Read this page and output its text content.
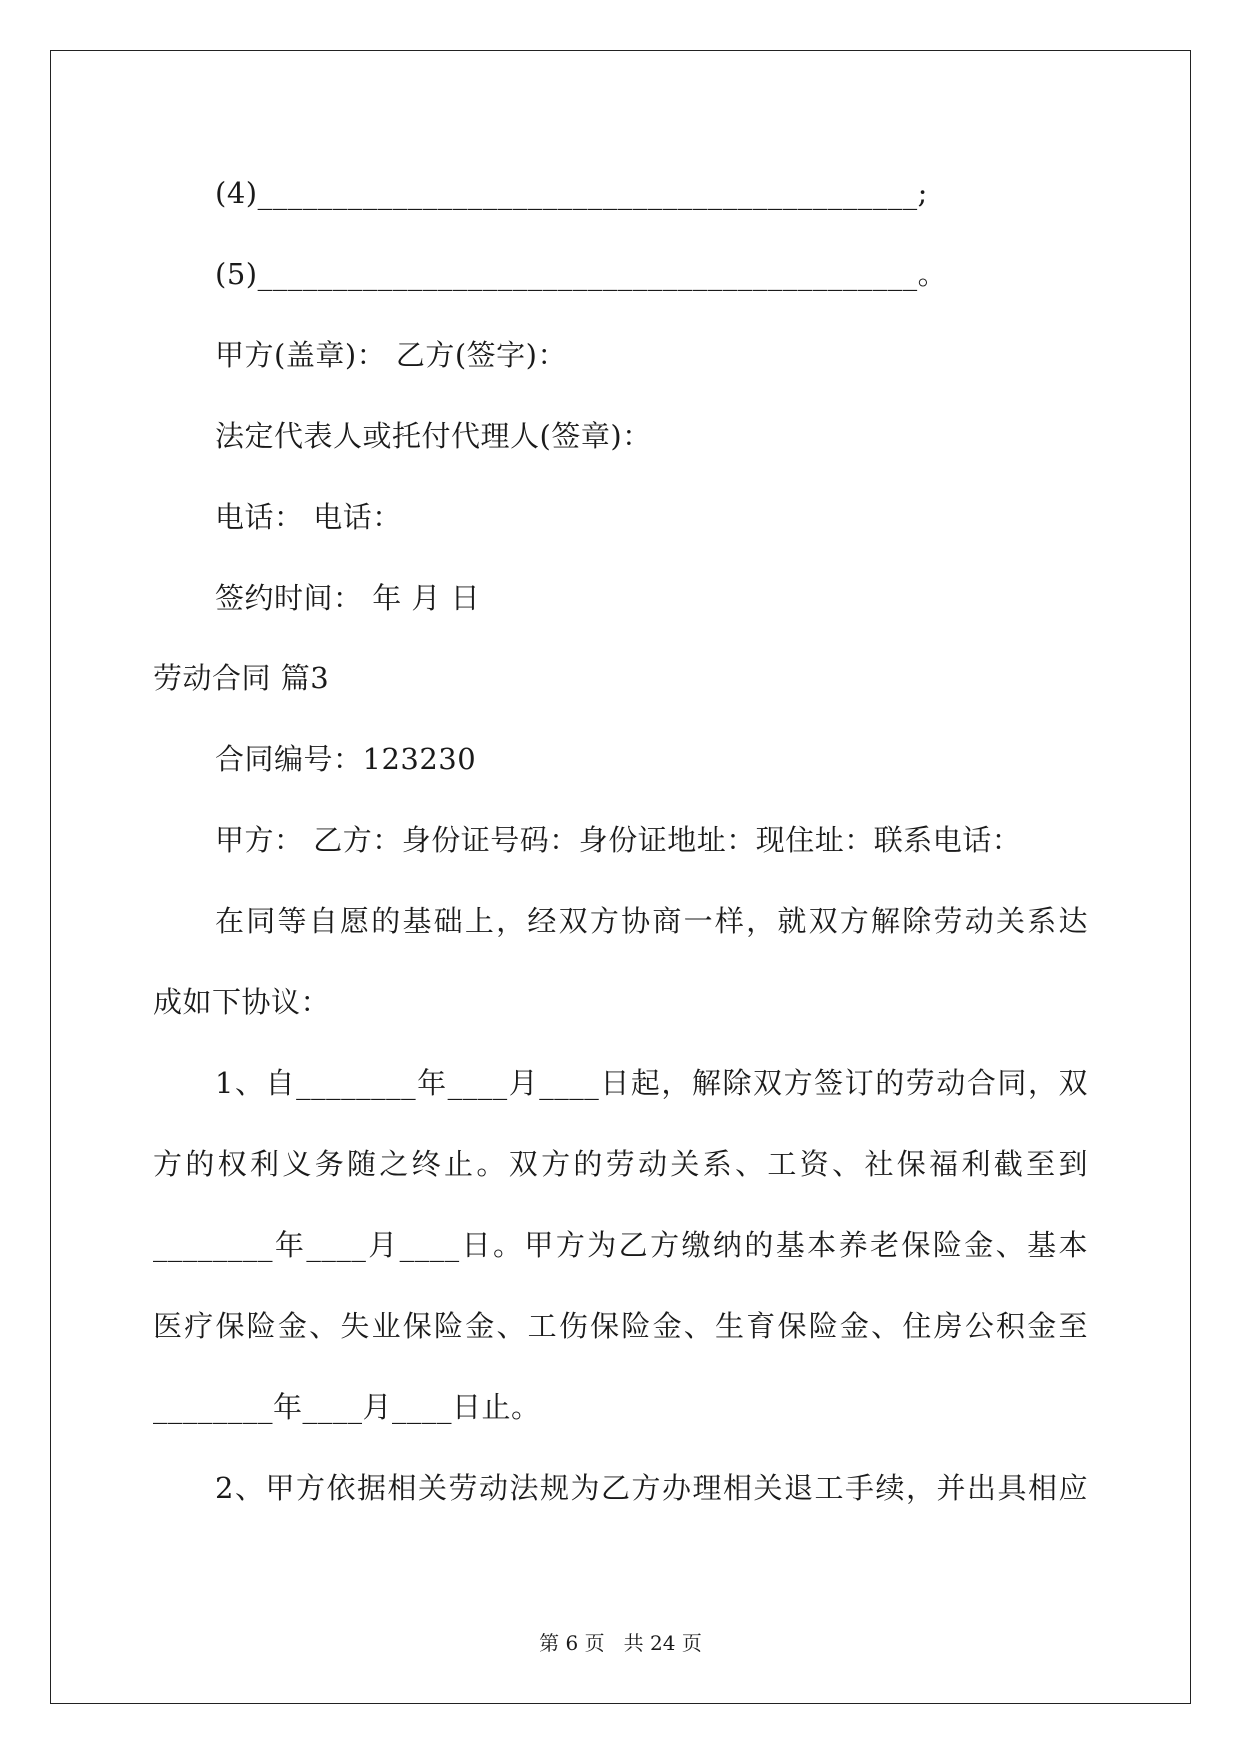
(4)____________________________________________;

(5)____________________________________________。

甲方(盖章)： 乙方(签字)：

法定代表人或托付代理人(签章)：

电话： 电话：

签约时间： 年 月 日

劳动合同 篇3

合同编号：123230

甲方： 乙方：身份证号码：身份证地址：现住址：联系电话：

在同等自愿的基础上，经双方协商一样，就双方解除劳动关系达

成如下协议：

1、自________年____月____日起，解除双方签订的劳动合同，双

方的权利义务随之终止。双方的劳动关系、工资、社保福利截至到

________年____月____日。甲方为乙方缴纳的基本养老保险金、基本

医疗保险金、失业保险金、工伤保险金、生育保险金、住房公积金至

________年____月____日止。

2、甲方依据相关劳动法规为乙方办理相关退工手续，并出具相应

第 6 页   共 24 页
